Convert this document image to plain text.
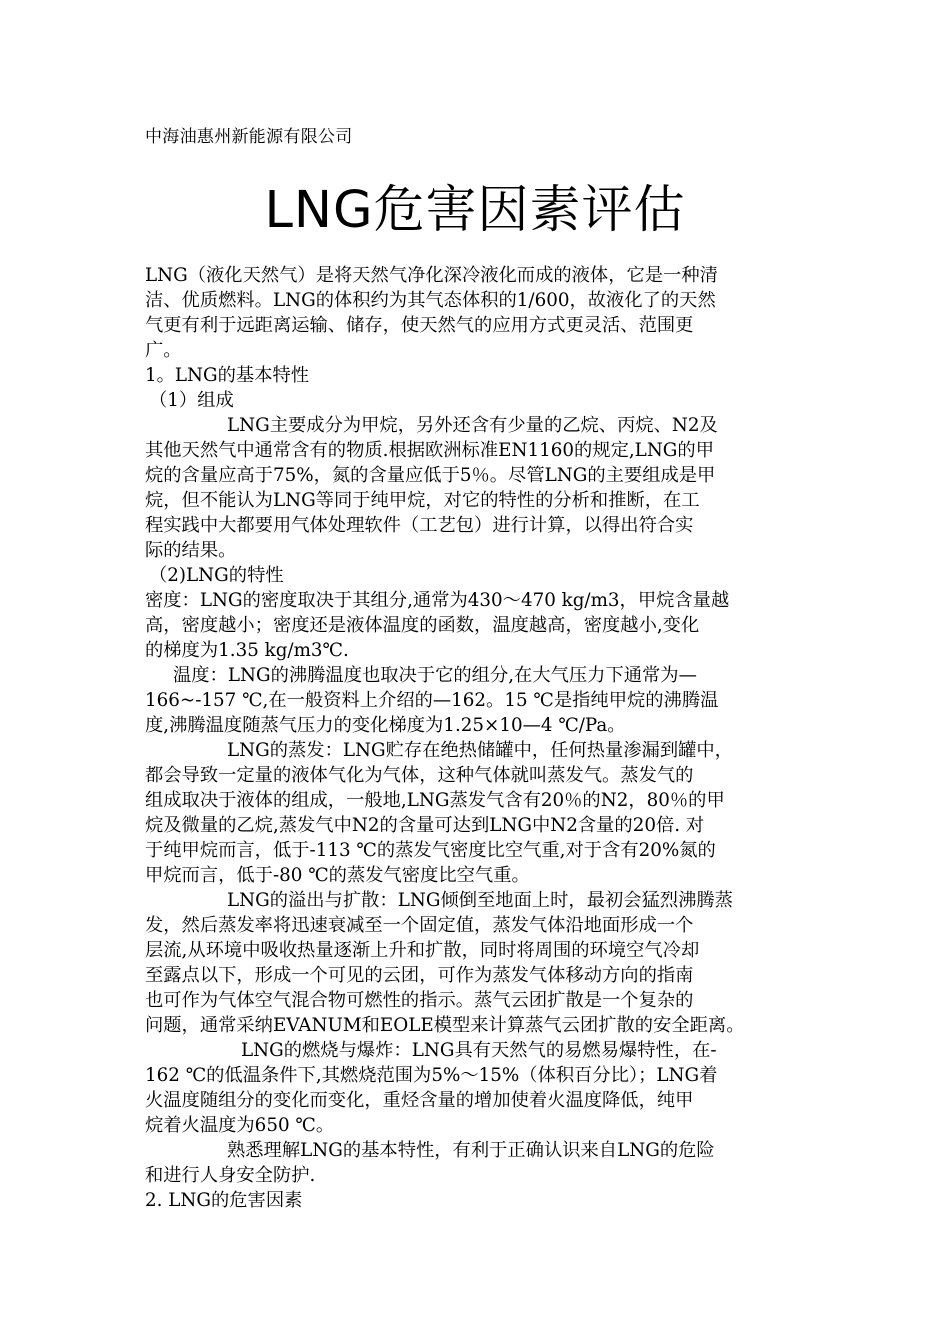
中海油惠州新能源有限公司
LNG危害因素评估
LNG（液化天然气）是将天然气净化深冷液化而成的液体，它是一种清
洁、优质燃料。LNG的体积约为其气态体积的1/600，故液化了的天然
气更有利于远距离运输、储存，使天然气的应用方式更灵活、范围更
广。
1。LNG的基本特性
（1）组成
LNG主要成分为甲烷，另外还含有少量的乙烷、丙烷、N2及
其他天然气中通常含有的物质.根据欧洲标准EN1160的规定,LNG的甲
烷的含量应高于75%，氮的含量应低于5％。尽管LNG的主要组成是甲
烷，但不能认为LNG等同于纯甲烷，对它的特性的分析和推断，在工
程实践中大都要用气体处理软件（工艺包）进行计算，以得出符合实
际的结果。
（2)LNG的特性
密度：LNG的密度取决于其组分,通常为430～470 kg/m3，甲烷含量越
高，密度越小；密度还是液体温度的函数，温度越高，密度越小,变化
的梯度为1.35 kg/m3℃.
温度：LNG的沸腾温度也取决于它的组分,在大气压力下通常为—
166~-157 ℃,在一般资料上介绍的—162。15 ℃是指纯甲烷的沸腾温
度,沸腾温度随蒸气压力的变化梯度为1.25×10—4 ℃/Pa。
LNG的蒸发：LNG贮存在绝热储罐中，任何热量渗漏到罐中，
都会导致一定量的液体气化为气体，这种气体就叫蒸发气。蒸发气的
组成取决于液体的组成，一般地,LNG蒸发气含有20％的N2，80％的甲
烷及微量的乙烷,蒸发气中N2的含量可达到LNG中N2含量的20倍. 对
于纯甲烷而言，低于-113 ℃的蒸发气密度比空气重,对于含有20%氮的
甲烷而言，低于-80 ℃的蒸发气密度比空气重。
LNG的溢出与扩散：LNG倾倒至地面上时，最初会猛烈沸腾蒸
发，然后蒸发率将迅速衰减至一个固定值，蒸发气体沿地面形成一个
层流,从环境中吸收热量逐渐上升和扩散，同时将周围的环境空气冷却
至露点以下，形成一个可见的云团，可作为蒸发气体移动方向的指南
也可作为气体空气混合物可燃性的指示。蒸气云团扩散是一个复杂的
问题，通常采纳EVANUM和EOLE模型来计算蒸气云团扩散的安全距离。
LNG的燃烧与爆炸：LNG具有天然气的易燃易爆特性，在-
162 ℃的低温条件下,其燃烧范围为5%～15%（体积百分比）；LNG着
火温度随组分的变化而变化，重烃含量的增加使着火温度降低，纯甲
烷着火温度为650 ℃。
熟悉理解LNG的基本特性，有利于正确认识来自LNG的危险
和进行人身安全防护.
2. LNG的危害因素
